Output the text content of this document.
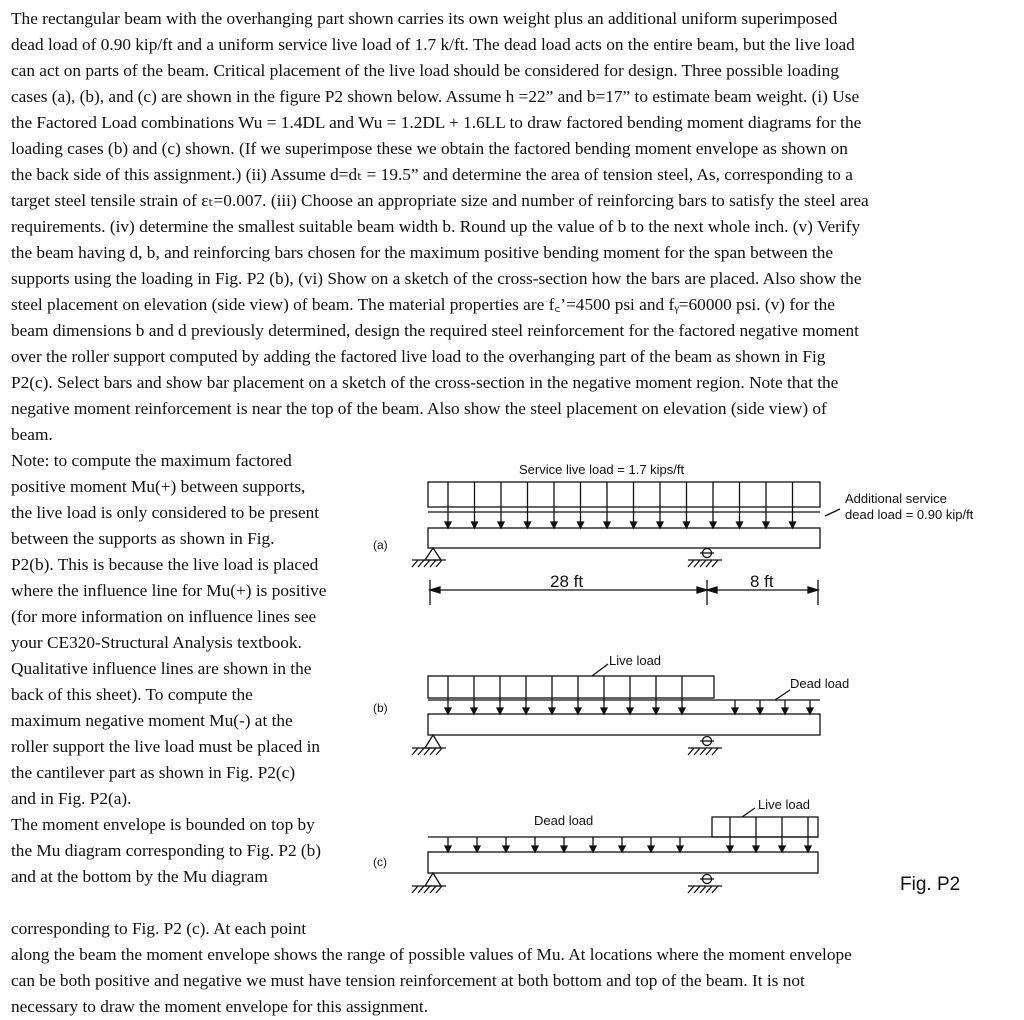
The rectangular beam with the overhanging part shown carries its own weight plus an additional uniform superimposed
dead load of 0.90 kip/ft and a uniform service live load of 1.7 k/ft. The dead load acts on the entire beam, but the live load
can act on parts of the beam. Critical placement of the live load should be considered for design. Three possible loading
cases (a), (b), and (c) are shown in the figure P2 shown below. Assume h =22” and b=17” to estimate beam weight. (i) Use
the Factored Load combinations Wu = 1.4DL and Wu = 1.2DL + 1.6LL to draw factored bending moment diagrams for the
loading cases (b) and (c) shown. (If we superimpose these we obtain the factored bending moment envelope as shown on
the back side of this assignment.) (ii) Assume d=dₜ = 19.5” and determine the area of tension steel, As, corresponding to a
target steel tensile strain of εₜ=0.007. (iii) Choose an appropriate size and number of reinforcing bars to satisfy the steel area
requirements. (iv) determine the smallest suitable beam width b. Round up the value of b to the next whole inch. (v) Verify
the beam having d, b, and reinforcing bars chosen for the maximum positive bending moment for the span between the
supports using the loading in Fig. P2 (b), (vi) Show on a sketch of the cross-section how the bars are placed. Also show the
steel placement on elevation (side view) of beam. The material properties are f꜀’=4500 psi and fᵧ=60000 psi. (v) for the
beam dimensions b and d previously determined, design the required steel reinforcement for the factored negative moment
over the roller support computed by adding the factored live load to the overhanging part of the beam as shown in Fig
P2(c). Select bars and show bar placement on a sketch of the cross-section in the negative moment region. Note that the
negative moment reinforcement is near the top of the beam. Also show the steel placement on elevation (side view) of
beam.
Note: to compute the maximum factored
positive moment Mu(+) between supports,
the live load is only considered to be present
between the supports as shown in Fig.
P2(b). This is because the live load is placed
where the influence line for Mu(+) is positive
(for more information on influence lines see
your CE320-Structural Analysis textbook.
Qualitative influence lines are shown in the
back of this sheet). To compute the
maximum negative moment Mu(-) at the
roller support the live load must be placed in
the cantilever part as shown in Fig. P2(c)
and in Fig. P2(a).
The moment envelope is bounded on top by
the Mu diagram corresponding to Fig. P2 (b)
and at the bottom by the Mu diagram
Service live load = 1.7 kips/ft
Additional service
dead load = 0.90 kip/ft
(a)
28 ft	8 ft
Live load
Dead load
(b)
Live load
Dead load
(c)
Fig. P2
corresponding to Fig. P2 (c). At each point
along the beam the moment envelope shows the range of possible values of Mu. At locations where the moment envelope
can be both positive and negative we must have tension reinforcement at both bottom and top of the beam. It is not
necessary to draw the moment envelope for this assignment.
